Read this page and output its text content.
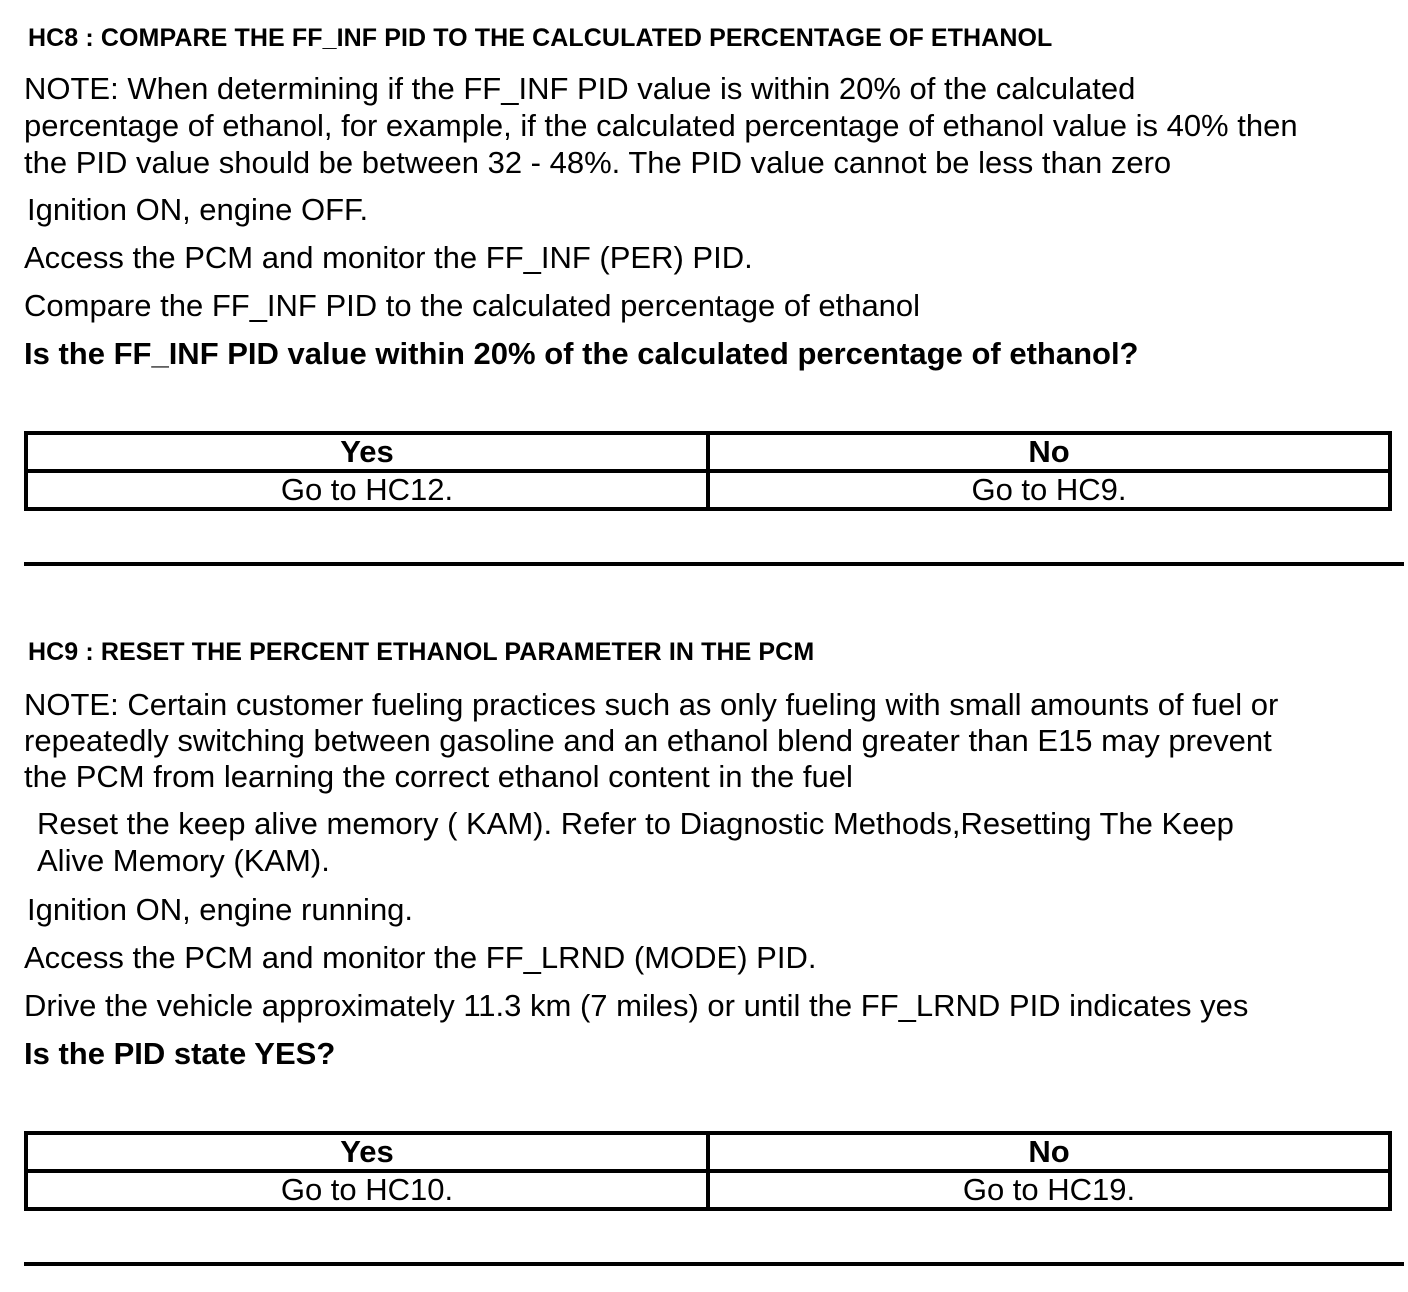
HC8 : COMPARE THE FF_INF PID TO THE CALCULATED PERCENTAGE OF ETHANOL
NOTE: When determining if the FF_INF PID value is within 20% of the calculated
percentage of ethanol, for example, if the calculated percentage of ethanol value is 40% then
the PID value should be between 32 - 48%. The PID value cannot be less than zero
Ignition ON, engine OFF.
Access the PCM and monitor the FF_INF (PER) PID.
Compare the FF_INF PID to the calculated percentage of ethanol
Is the FF_INF PID value within 20% of the calculated percentage of ethanol?
Yes	No
Go to HC12.	Go to HC9.
HC9 : RESET THE PERCENT ETHANOL PARAMETER IN THE PCM
NOTE: Certain customer fueling practices such as only fueling with small amounts of fuel or
repeatedly switching between gasoline and an ethanol blend greater than E15 may prevent
the PCM from learning the correct ethanol content in the fuel
Reset the keep alive memory ( KAM). Refer to Diagnostic Methods,Resetting The Keep
Alive Memory (KAM).
Ignition ON, engine running.
Access the PCM and monitor the FF_LRND (MODE) PID.
Drive the vehicle approximately 11.3 km (7 miles) or until the FF_LRND PID indicates yes
Is the PID state YES?
Yes	No
Go to HC10.	Go to HC19.
